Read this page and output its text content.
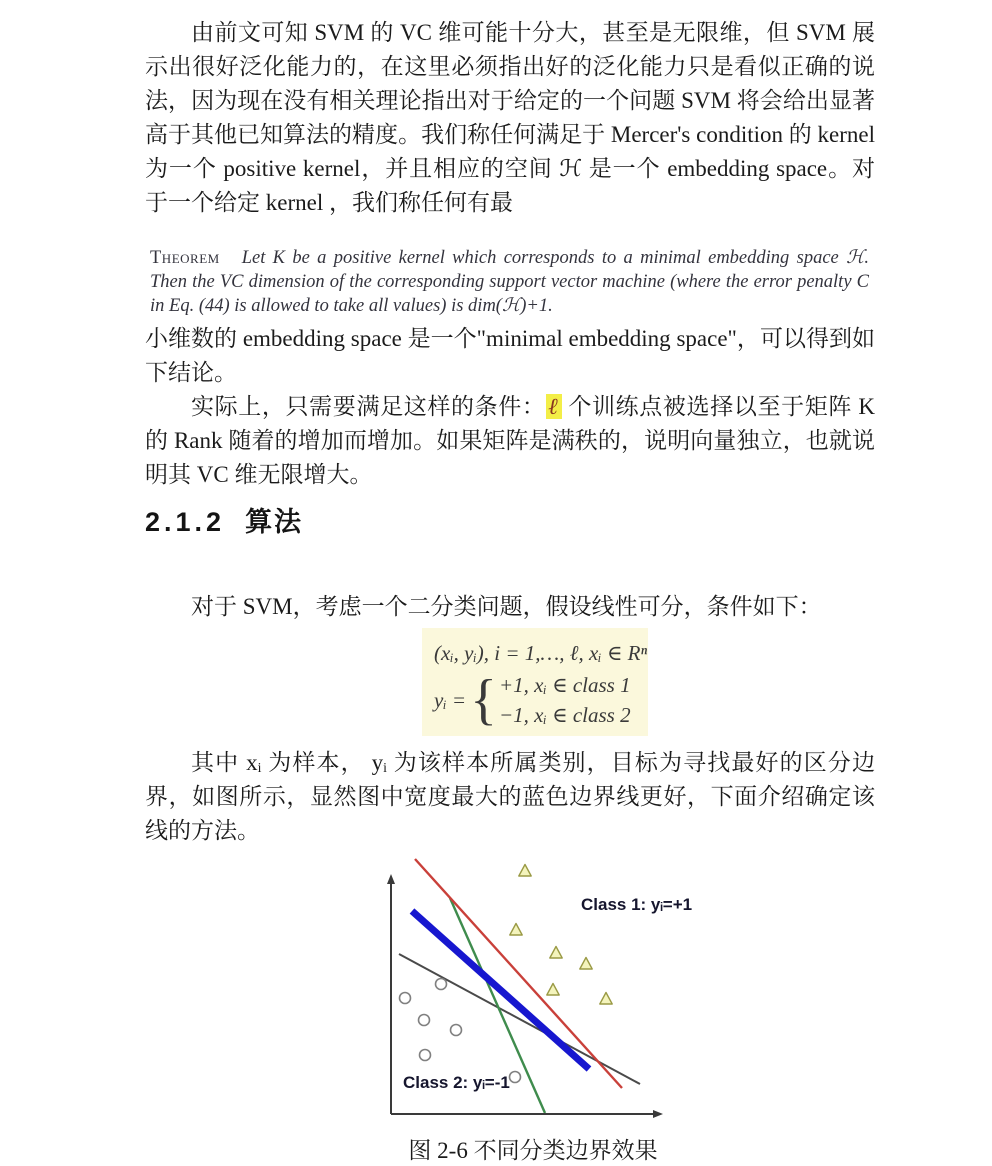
由前文可知 SVM 的 VC 维可能十分大，甚至是无限维，但 SVM 展示出很好泛化能力的，在这里必须指出好的泛化能力只是看似正确的说法，因为现在没有相关理论指出对于给定的一个问题 SVM 将会给出显著高于其他已知算法的精度。我们称任何满足于 Mercer's condition 的 kernel 为一个 positive kernel，并且相应的空间 ℋ 是一个 embedding space。对于一个给定 kernel ，我们称任何有最

Theorem Let K be a positive kernel which corresponds to a minimal embedding space ℋ. Then the VC dimension of the corresponding support vector machine (where the error penalty C in Eq. (44) is allowed to take all values) is dim(ℋ)+1.

小维数的 embedding space 是一个"minimal embedding space"，可以得到如下结论。

实际上，只需要满足这样的条件： ℓ 个训练点被选择以至于矩阵 K 的 Rank 随着的增加而增加。如果矩阵是满秩的，说明向量独立，也就说明其 VC 维无限增大。

2.1.2 算法

对于 SVM，考虑一个二分类问题，假设线性可分，条件如下：

(xᵢ, yᵢ), i = 1,…, ℓ, xᵢ ∈ Rⁿ
yᵢ = { +1, xᵢ ∈ class 1
−1, xᵢ ∈ class 2

其中 xᵢ 为样本， yᵢ 为该样本所属类别，目标为寻找最好的区分边界，如图所示，显然图中宽度最大的蓝色边界线更好，下面介绍确定该线的方法。

Class 1: yᵢ=+1
Class 2: yᵢ=-1
图 2-6 不同分类边界效果
